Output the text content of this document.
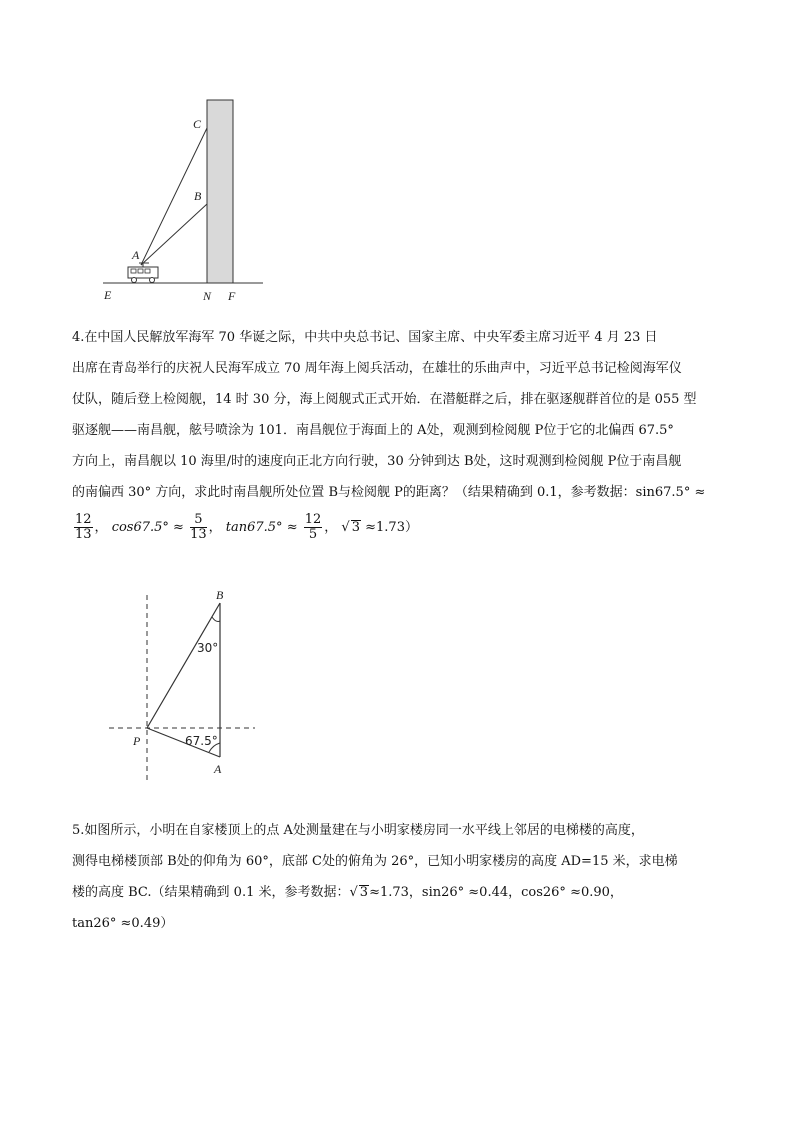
C
B
A
E	N F

4.在中国人民解放军海军 70 华诞之际，中共中央总书记、国家主席、中央军委主席习近平 4 月 23 日

出席在青岛举行的庆祝人民海军成立 70 周年海上阅兵活动，在雄壮的乐曲声中，习近平总书记检阅海军仪

仗队，随后登上检阅舰，14 时 30 分，海上阅舰式正式开始．在潜艇群之后，排在驱逐舰群首位的是 055 型

驱逐舰——南昌舰，舷号喷涂为 101．南昌舰位于海面上的 A处，观测到检阅舰 P位于它的北偏西 67.5°

方向上，南昌舰以 10 海里/时的速度向正北方向行驶，30 分钟到达 B处，这时观测到检阅舰 P位于南昌舰

的南偏西 30° 方向，求此时南昌舰所处位置 B与检阅舰 P的距离？（结果精确到 0.1，参考数据：sin67.5° ≈

$\frac{12}{13}$ ， $\cos 67.5^\circ \approx \frac{5}{13}$ ， $\tan 67.5^\circ \approx \frac{12}{5}$ ， √ 3 ≈1.73）

B
P
A
30°
67.5°

5.如图所示，小明在自家楼顶上的点 A处测量建在与小明家楼房同一水平线上邻居的电梯楼的高度，

测得电梯楼顶部 B处的仰角为 60°，底部 C处的俯角为 26°，已知小明家楼房的高度 AD=15 米，求电梯

楼的高度 BC.（结果精确到 0.1 米，参考数据：√ 3≈1.73，sin26° ≈0.44，cos26° ≈0.90，

tan26° ≈0.49）
